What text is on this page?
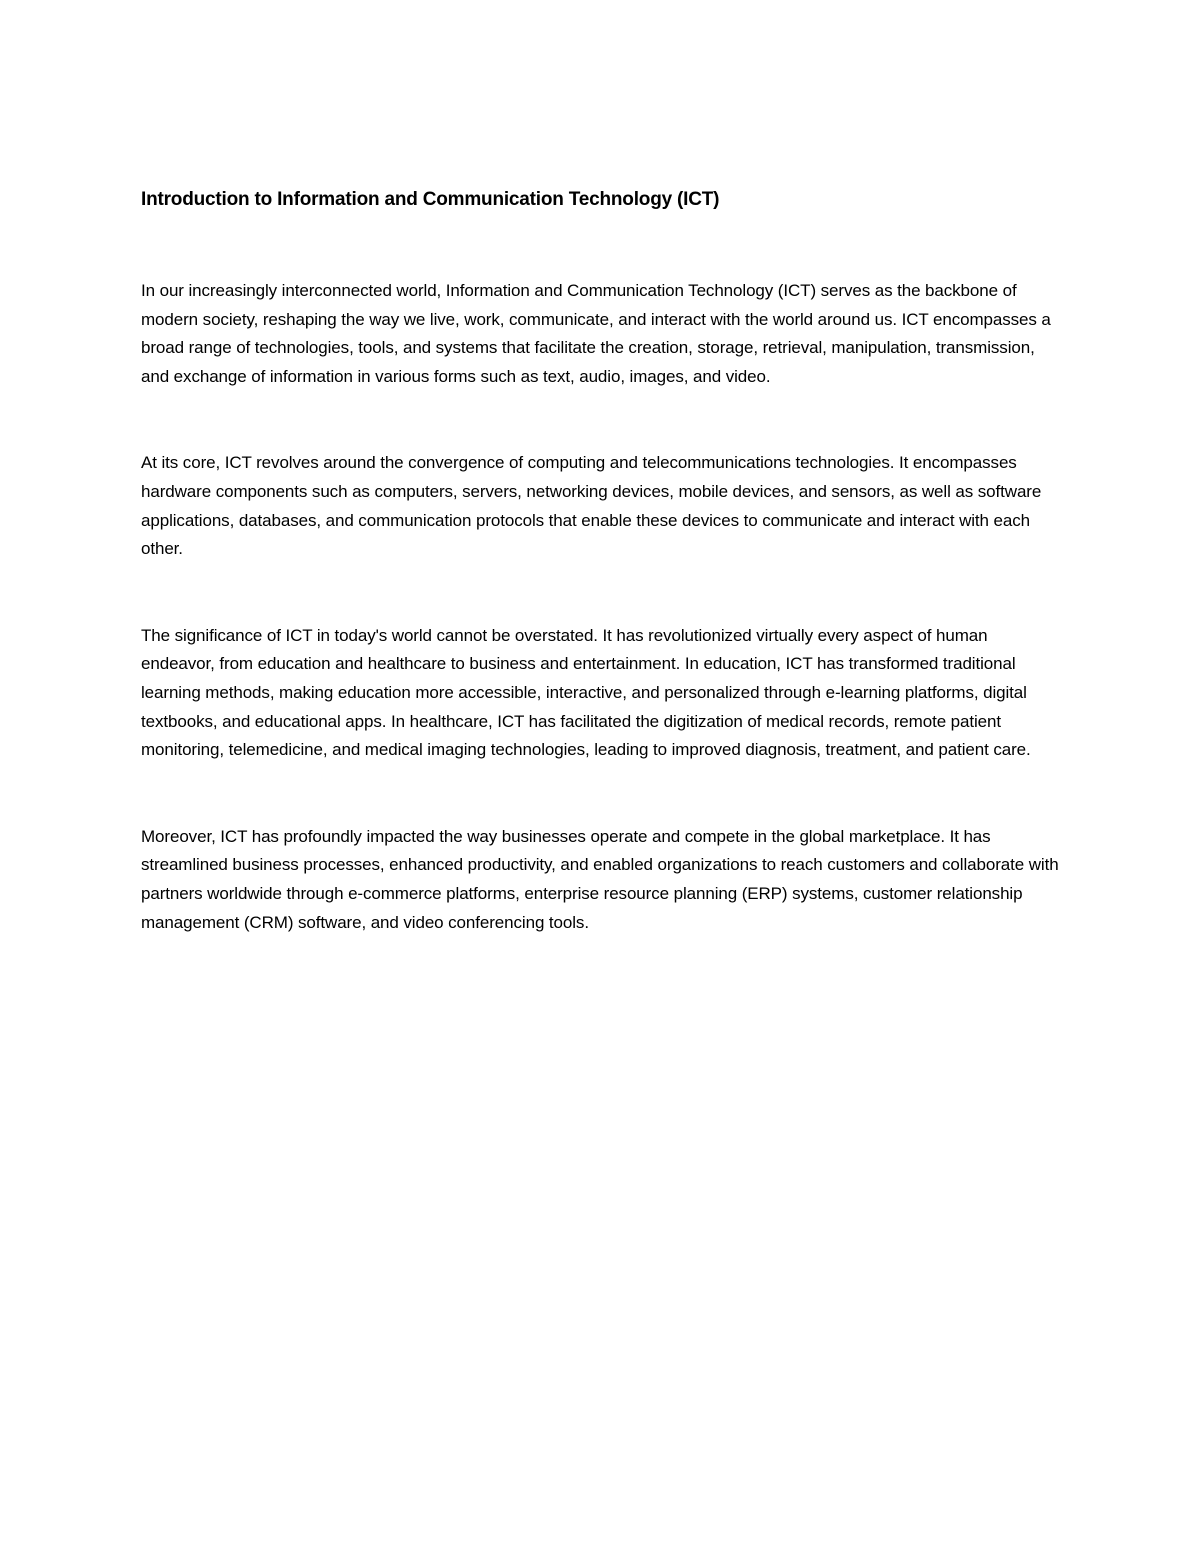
Introduction to Information and Communication Technology (ICT)

In our increasingly interconnected world, Information and Communication Technology (ICT) serves as the backbone of modern society, reshaping the way we live, work, communicate, and interact with the world around us. ICT encompasses a broad range of technologies, tools, and systems that facilitate the creation, storage, retrieval, manipulation, transmission, and exchange of information in various forms such as text, audio, images, and video.

At its core, ICT revolves around the convergence of computing and telecommunications technologies. It encompasses hardware components such as computers, servers, networking devices, mobile devices, and sensors, as well as software applications, databases, and communication protocols that enable these devices to communicate and interact with each other.

The significance of ICT in today's world cannot be overstated. It has revolutionized virtually every aspect of human endeavor, from education and healthcare to business and entertainment. In education, ICT has transformed traditional learning methods, making education more accessible, interactive, and personalized through e-learning platforms, digital textbooks, and educational apps. In healthcare, ICT has facilitated the digitization of medical records, remote patient monitoring, telemedicine, and medical imaging technologies, leading to improved diagnosis, treatment, and patient care.

Moreover, ICT has profoundly impacted the way businesses operate and compete in the global marketplace. It has streamlined business processes, enhanced productivity, and enabled organizations to reach customers and collaborate with partners worldwide through e-commerce platforms, enterprise resource planning (ERP) systems, customer relationship management (CRM) software, and video conferencing tools.
